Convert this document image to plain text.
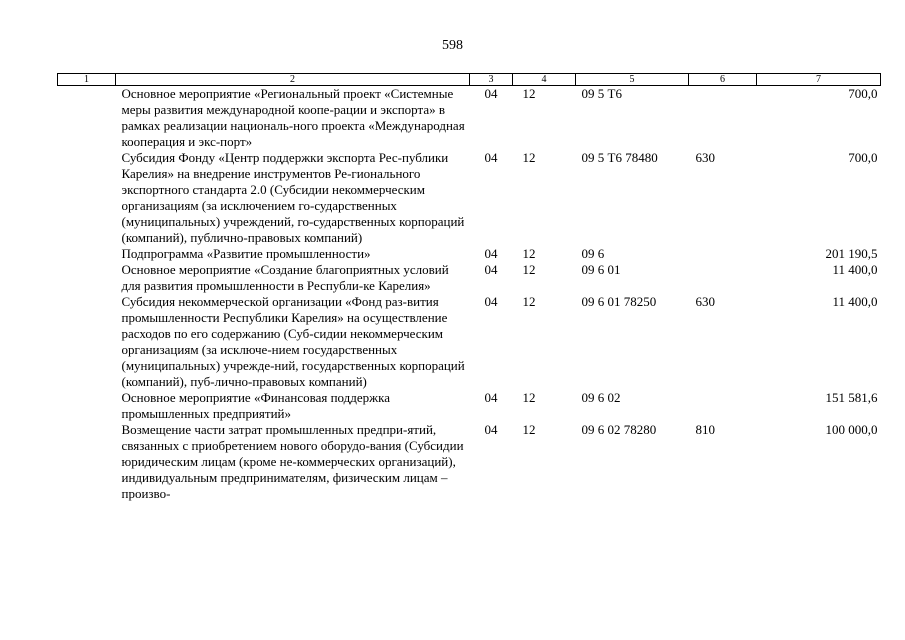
598
1	2	3	4	5	6	7
	Основное мероприятие «Региональный проект «Системные меры развития международной коопе-рации и экспорта» в рамках реализации националь-ного проекта «Международная кооперация и экс-порт»	04	12	09 5 Т6		700,0
	Субсидия Фонду «Центр поддержки экспорта Рес-публики Карелия» на внедрение инструментов Ре-гионального экспортного стандарта 2.0 (Субсидии некоммерческим организациям (за исключением го-сударственных (муниципальных) учреждений, го-сударственных корпораций (компаний), публично-правовых компаний)	04	12	09 5 Т6 78480	630	700,0
	Подпрограмма «Развитие промышленности»	04	12	09 6		201 190,5
	Основное мероприятие «Создание благоприятных условий для развития промышленности в Республи-ке Карелия»	04	12	09 6 01		11 400,0
	Субсидия некоммерческой организации «Фонд раз-вития промышленности Республики Карелия» на осуществление расходов по его содержанию (Суб-сидии некоммерческим организациям (за исключе-нием государственных (муниципальных) учрежде-ний, государственных корпораций (компаний), пуб-лично-правовых компаний)	04	12	09 6 01 78250	630	11 400,0
	Основное мероприятие «Финансовая поддержка промышленных предприятий»	04	12	09 6 02		151 581,6
	Возмещение части затрат промышленных предпри-ятий, связанных с приобретением нового оборудо-вания (Субсидии юридическим лицам (кроме не-коммерческих организаций), индивидуальным предпринимателям, физическим лицам – произво-	04	12	09 6 02 78280	810	100 000,0
